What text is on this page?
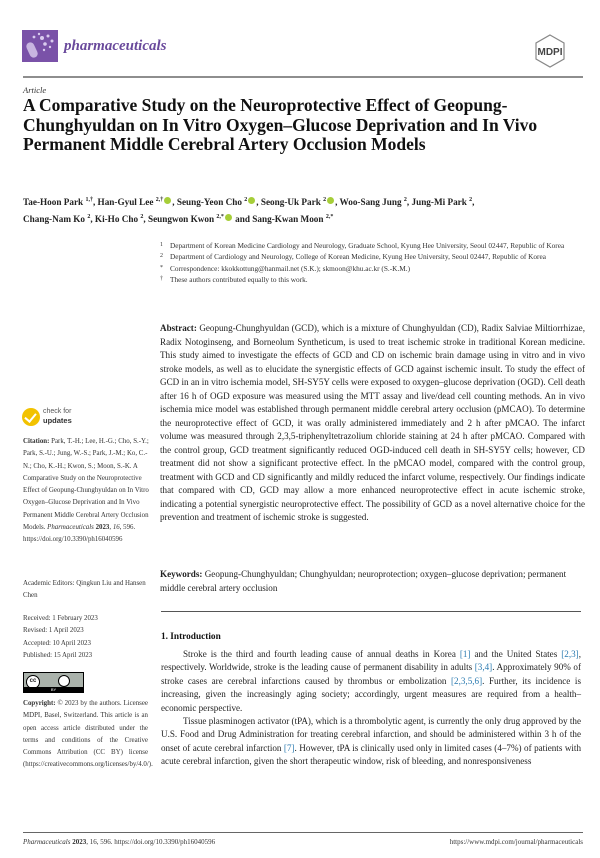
pharmaceuticals	MDPI
Article
A Comparative Study on the Neuroprotective Effect of Geopung-Chunghyuldan on In Vitro Oxygen–Glucose Deprivation and In Vivo Permanent Middle Cerebral Artery Occlusion Models
Tae-Hoon Park $^{1,\dagger}$, Han-Gyul Lee $^{2,\dagger}$ , Seung-Yeon Cho $^2$ , Seong-Uk Park $^2$ , Woo-Sang Jung $^2$, Jung-Mi Park $^2$,
Chang-Nam Ko $^2$, Ki-Ho Cho $^2$, Seungwon Kwon $^{2,*}$ and Sang-Kwan Moon $^{2,*}$
1 Department of Korean Medicine Cardiology and Neurology, Graduate School, Kyung Hee University, Seoul 02447, Republic of Korea
2 Department of Cardiology and Neurology, College of Korean Medicine, Kyung Hee University, Seoul 02447, Republic of Korea
* Correspondence: kkokkottung@hanmail.net (S.K.); skmoon@khu.ac.kr (S.-K.M.)
† These authors contributed equally to this work.
Abstract: Geopung-Chunghyuldan (GCD), which is a mixture of Chunghyuldan (CD), Radix Salviae Miltiorrhizae, Radix Notoginseng, and Borneolum Syntheticum, is used to treat ischemic stroke in traditional Korean medicine. This study aimed to investigate the effects of GCD and CD on ischemic brain damage using in vitro and in vivo stroke models, as well as to elucidate the synergistic effects of GCD against ischemic insult. To study the effect of GCD in an in vitro ischemia model, SH-SY5Y cells were exposed to oxygen–glucose deprivation (OGD). Cell death after 16 h of OGD exposure was measured using the MTT assay and live/dead cell counting methods. An in vivo ischemia mice model was established through permanent middle cerebral artery occlusion (pMCAO). To determine the neuroprotective effect of GCD, it was orally administered immediately and 2 h after pMCAO. The infarct volume was measured through 2,3,5-triphenyltetrazolium chloride staining at 24 h after pMCAO. Compared with the control group, GCD treatment significantly reduced OGD-induced cell death in SH-SY5Y cells; however, CD treatment did not show a significant protective effect. In the pMCAO model, compared with the control group, treatment with GCD and CD significantly and mildly reduced the infarct volume, respectively. Our findings indicate that compared with CD, GCD may allow a more enhanced neuroprotective effect in acute ischemic stroke, indicating a potential synergistic neuroprotective effect. The possibility of GCD as a novel alternative choice for the prevention and treatment of ischemic stroke is suggested.
Keywords: Geopung-Chunghyuldan; Chunghyuldan; neuroprotection; oxygen–glucose deprivation; permanent middle cerebral artery occlusion
1. Introduction

Stroke is the third and fourth leading cause of annual deaths in Korea [1] and the United States [2,3], respectively. Worldwide, stroke is the leading cause of permanent disability in adults [3,4]. Approximately 90% of stroke cases are cerebral infarctions caused by thrombus or embolization [2,3,5,6]. Further, its incidence is increasing, given the increasingly aging society; accordingly, urgent measures are required from a health–economic perspective.

Tissue plasminogen activator (tPA), which is a thrombolytic agent, is currently the only drug approved by the U.S. Food and Drug Administration for treating cerebral infarction, and should be administered within 3 h of the onset of acute cerebral infarction [7]. However, tPA is clinically used only in limited cases (4–7%) of patients with acute cerebral infarction, given the short therapeutic window, risk of bleeding, and nonresponsiveness

check for
updates
Citation: Park, T.-H.; Lee, H.-G.; Cho, S.-Y.; Park, S.-U.; Jung, W.-S.; Park, J.-M.; Ko, C.-N.; Cho, K.-H.; Kwon, S.; Moon, S.-K. A Comparative Study on the Neuroprotective Effect of Geopung-Chunghyuldan on In Vitro Oxygen–Glucose Deprivation and In Vivo Permanent Middle Cerebral Artery Occlusion Models. Pharmaceuticals 2023, 16, 596. https://doi.org/10.3390/ph16040596
Academic Editors: Qingkun Liu and Hansen Chen
Received: 1 February 2023
Revised: 1 April 2023
Accepted: 10 April 2023
Published: 15 April 2023
cc
BY
Copyright: © 2023 by the authors. Licensee MDPI, Basel, Switzerland. This article is an open access article distributed under the terms and conditions of the Creative Commons Attribution (CC BY) license (https://creativecommons.org/licenses/by/4.0/).
Pharmaceuticals 2023, 16, 596. https://doi.org/10.3390/ph16040596	https://www.mdpi.com/journal/pharmaceuticals
